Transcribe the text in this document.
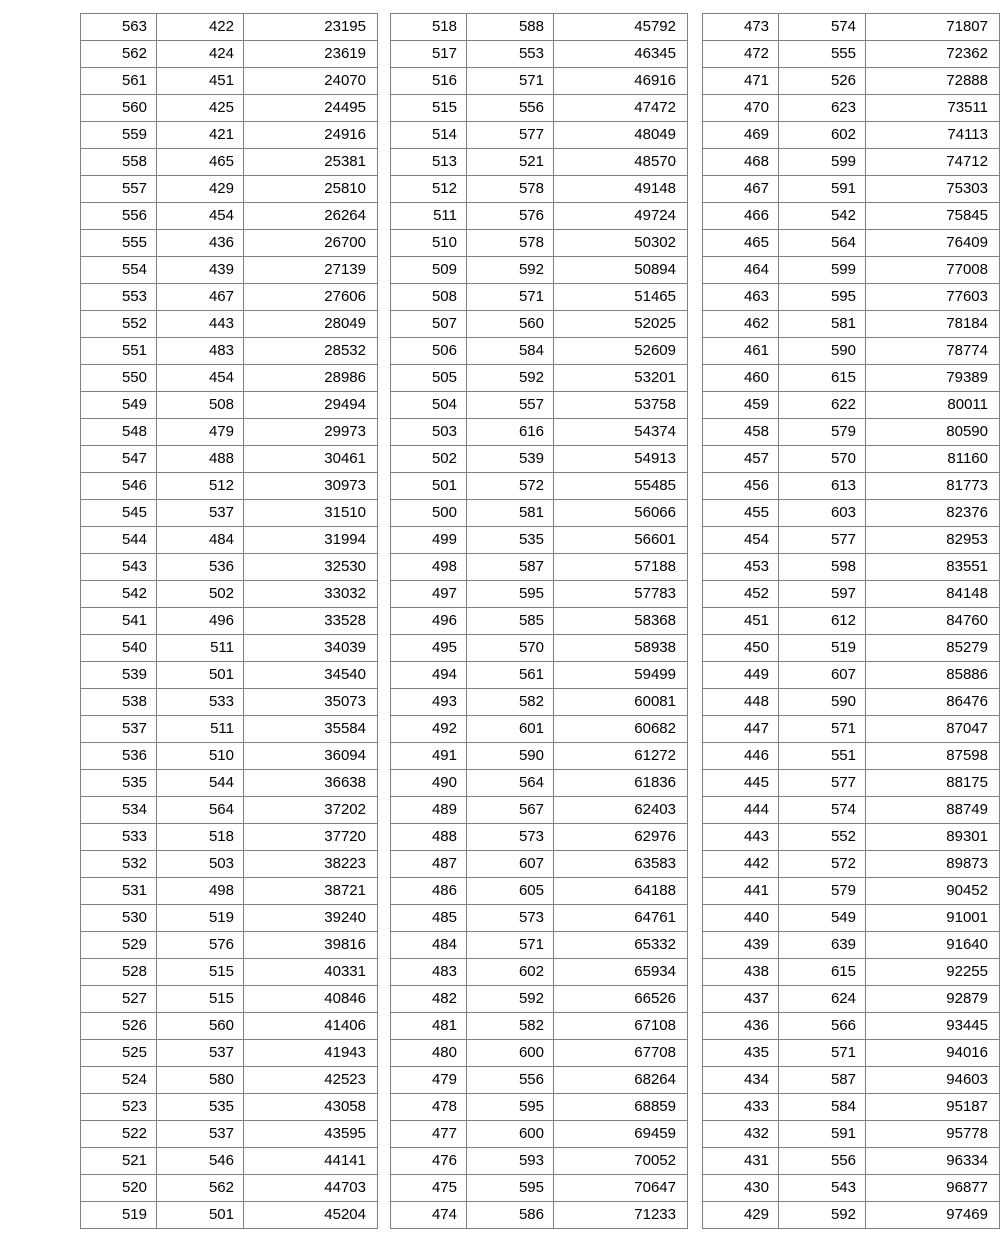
563	422	23195
562	424	23619
561	451	24070
560	425	24495
559	421	24916
558	465	25381
557	429	25810
556	454	26264
555	436	26700
554	439	27139
553	467	27606
552	443	28049
551	483	28532
550	454	28986
549	508	29494
548	479	29973
547	488	30461
546	512	30973
545	537	31510
544	484	31994
543	536	32530
542	502	33032
541	496	33528
540	511	34039
539	501	34540
538	533	35073
537	511	35584
536	510	36094
535	544	36638
534	564	37202
533	518	37720
532	503	38223
531	498	38721
530	519	39240
529	576	39816
528	515	40331
527	515	40846
526	560	41406
525	537	41943
524	580	42523
523	535	43058
522	537	43595
521	546	44141
520	562	44703
519	501	45204
518	588	45792
517	553	46345
516	571	46916
515	556	47472
514	577	48049
513	521	48570
512	578	49148
511	576	49724
510	578	50302
509	592	50894
508	571	51465
507	560	52025
506	584	52609
505	592	53201
504	557	53758
503	616	54374
502	539	54913
501	572	55485
500	581	56066
499	535	56601
498	587	57188
497	595	57783
496	585	58368
495	570	58938
494	561	59499
493	582	60081
492	601	60682
491	590	61272
490	564	61836
489	567	62403
488	573	62976
487	607	63583
486	605	64188
485	573	64761
484	571	65332
483	602	65934
482	592	66526
481	582	67108
480	600	67708
479	556	68264
478	595	68859
477	600	69459
476	593	70052
475	595	70647
474	586	71233
473	574	71807
472	555	72362
471	526	72888
470	623	73511
469	602	74113
468	599	74712
467	591	75303
466	542	75845
465	564	76409
464	599	77008
463	595	77603
462	581	78184
461	590	78774
460	615	79389
459	622	80011
458	579	80590
457	570	81160
456	613	81773
455	603	82376
454	577	82953
453	598	83551
452	597	84148
451	612	84760
450	519	85279
449	607	85886
448	590	86476
447	571	87047
446	551	87598
445	577	88175
444	574	88749
443	552	89301
442	572	89873
441	579	90452
440	549	91001
439	639	91640
438	615	92255
437	624	92879
436	566	93445
435	571	94016
434	587	94603
433	584	95187
432	591	95778
431	556	96334
430	543	96877
429	592	97469
